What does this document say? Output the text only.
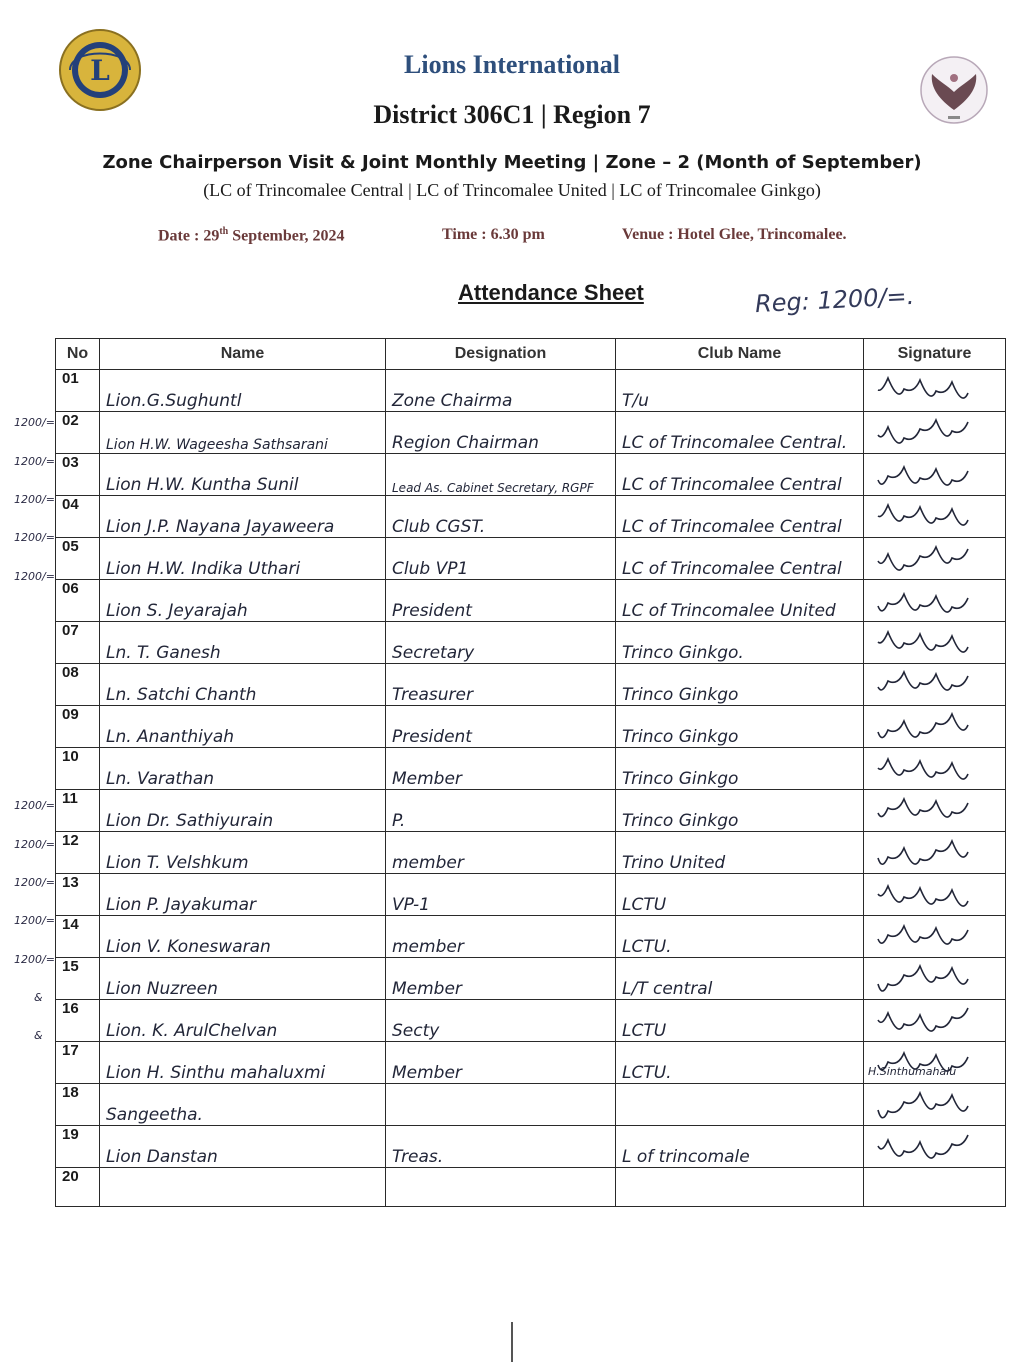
L	Lions International
District 306C1 | Region 7
Zone Chairperson Visit & Joint Monthly Meeting | Zone – 2 (Month of September)
(LC of Trincomalee Central | LC of Trincomalee United | LC of Trincomalee Ginkgo)
Date : 29th September, 2024	Time : 6.30 pm	Venue : Hotel Glee, Trincomalee.
Attendance Sheet	Reg: 1200/=.
No	Name	Designation	Club Name	Signature
01	Lion.G.Sughuntl	Zone Chairma	T/u	
02	Lion H.W. Wageesha Sathsarani	Region Chairman	LC of Trincomalee Central.	
03	Lion H.W. Kuntha Sunil	Lead As. Cabinet Secretary, RGPF	LC of Trincomalee Central	
04	Lion J.P. Nayana Jayaweera	Club CGST.	LC of Trincomalee Central	
05	Lion H.W. Indika Uthari	Club VP1	LC of Trincomalee Central	
06	Lion S. Jeyarajah	President	LC of Trincomalee United	
07	Ln. T. Ganesh	Secretary	Trinco Ginkgo.	
08	Ln. Satchi Chanth	Treasurer	Trinco Ginkgo	
09	Ln. Ananthiyah	President	Trinco Ginkgo	
10	Ln. Varathan	Member	Trinco Ginkgo	
11	Lion Dr. Sathiyurain	P.	Trinco Ginkgo	
12	Lion T. Velshkum	member	Trino United	
13	Lion P. Jayakumar	VP-1	LCTU	
14	Lion V. Koneswaran	member	LCTU.	
15	Lion Nuzreen	Member	L/T central	
16	Lion. K. ArulChelvan	Secty	LCTU	
17	Lion H. Sinthu mahaluxmi	Member	LCTU.	H.Sinthumahalu

18	Sangeetha.			
19	Lion Danstan	Treas.	L of trincomale	
20				
1200/=
1200/=
1200/=
1200/=
1200/=
1200/=
1200/=
1200/=
1200/=
1200/=
&
&
